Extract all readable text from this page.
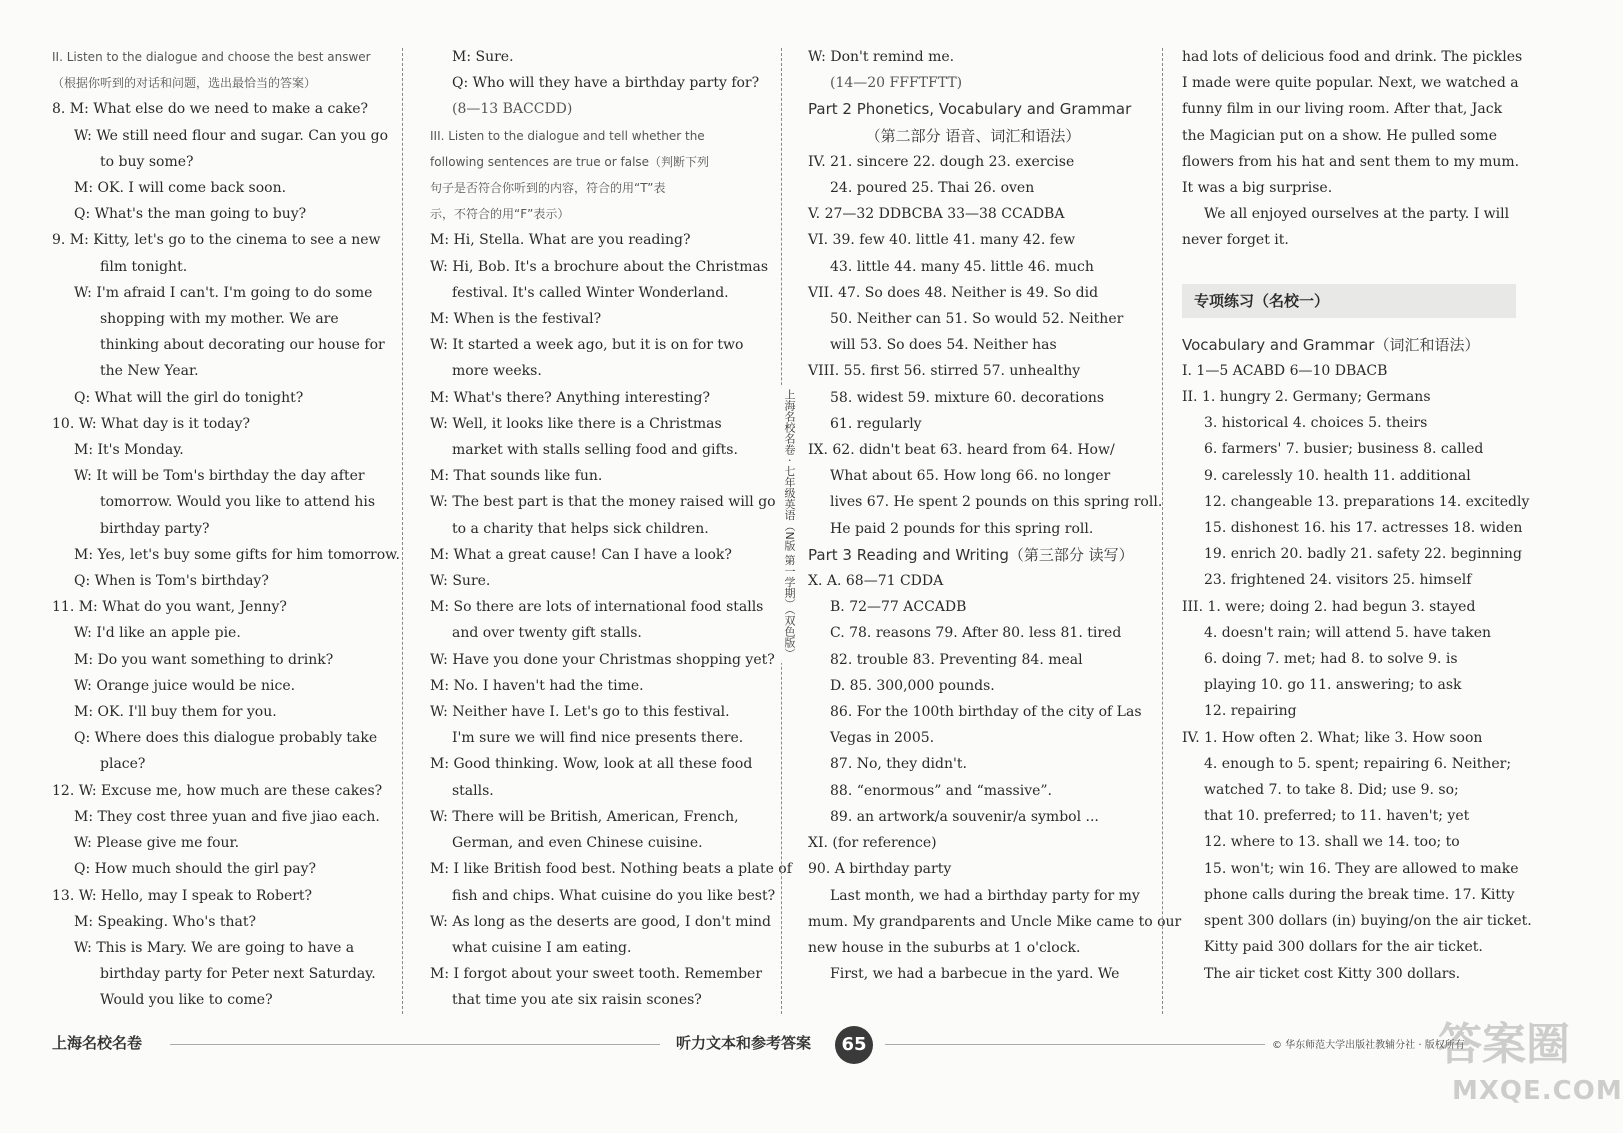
II. Listen to the dialogue and choose the best answer
（根据你听到的对话和问题，选出最恰当的答案）
8. M: What else do we need to make a cake?
W: We still need flour and sugar. Can you go
to buy some?
M: OK. I will come back soon.
Q: What's the man going to buy?
9. M: Kitty, let's go to the cinema to see a new
film tonight.
W: I'm afraid I can't. I'm going to do some
shopping with my mother. We are
thinking about decorating our house for
the New Year.
Q: What will the girl do tonight?
10. W: What day is it today?
M: It's Monday.
W: It will be Tom's birthday the day after
tomorrow. Would you like to attend his
birthday party?
M: Yes, let's buy some gifts for him tomorrow.
Q: When is Tom's birthday?
11. M: What do you want, Jenny?
W: I'd like an apple pie.
M: Do you want something to drink?
W: Orange juice would be nice.
M: OK. I'll buy them for you.
Q: Where does this dialogue probably take
place?
12. W: Excuse me, how much are these cakes?
M: They cost three yuan and five jiao each.
W: Please give me four.
Q: How much should the girl pay?
13. W: Hello, may I speak to Robert?
M: Speaking. Who's that?
W: This is Mary. We are going to have a
birthday party for Peter next Saturday.
Would you like to come?
M: Sure.
Q: Who will they have a birthday party for?
(8—13 BACCDD)
III. Listen to the dialogue and tell whether the
following sentences are true or false（判断下列
句子是否符合你听到的内容，符合的用“T”表
示，不符合的用“F”表示）
M: Hi, Stella. What are you reading?
W: Hi, Bob. It's a brochure about the Christmas
festival. It's called Winter Wonderland.
M: When is the festival?
W: It started a week ago, but it is on for two
more weeks.
M: What's there? Anything interesting?
W: Well, it looks like there is a Christmas
market with stalls selling food and gifts.
M: That sounds like fun.
W: The best part is that the money raised will go
to a charity that helps sick children.
M: What a great cause! Can I have a look?
W: Sure.
M: So there are lots of international food stalls
and over twenty gift stalls.
W: Have you done your Christmas shopping yet?
M: No. I haven't had the time.
W: Neither have I. Let's go to this festival.
I'm sure we will find nice presents there.
M: Good thinking. Wow, look at all these food
stalls.
W: There will be British, American, French,
German, and even Chinese cuisine.
M: I like British food best. Nothing beats a plate of
fish and chips. What cuisine do you like best?
W: As long as the deserts are good, I don't mind
what cuisine I am eating.
M: I forgot about your sweet tooth. Remember
that time you ate six raisin scones?
W: Don't remind me.
(14—20 FFFTFTT)
Part 2 Phonetics, Vocabulary and Grammar
（第二部分 语音、词汇和语法）
IV. 21. sincere 22. dough 23. exercise
24. poured 25. Thai 26. oven
V. 27—32 DDBCBA 33—38 CCADBA
VI. 39. few 40. little 41. many 42. few
43. little 44. many 45. little 46. much
VII. 47. So does 48. Neither is 49. So did
50. Neither can 51. So would 52. Neither
will 53. So does 54. Neither has
VIII. 55. first 56. stirred 57. unhealthy
58. widest 59. mixture 60. decorations
61. regularly
IX. 62. didn't beat 63. heard from 64. How/
What about 65. How long 66. no longer
lives 67. He spent 2 pounds on this spring roll.
He paid 2 pounds for this spring roll.
Part 3 Reading and Writing（第三部分 读写）
X. A. 68—71 CDDA
B. 72—77 ACCADB
C. 78. reasons 79. After 80. less 81. tired
82. trouble 83. Preventing 84. meal
D. 85. 300,000 pounds.
86. For the 100th birthday of the city of Las
Vegas in 2005.
87. No, they didn't.
88. “enormous” and “massive”.
89. an artwork/a souvenir/a symbol ...
XI. (for reference)
90. A birthday party
Last month, we had a birthday party for my
mum. My grandparents and Uncle Mike came to our
new house in the suburbs at 1 o'clock.
First, we had a barbecue in the yard. We
had lots of delicious food and drink. The pickles
I made were quite popular. Next, we watched a
funny film in our living room. After that, Jack
the Magician put on a show. He pulled some
flowers from his hat and sent them to my mum.
It was a big surprise.
We all enjoyed ourselves at the party. I will
never forget it.
专项练习（名校一）
Vocabulary and Grammar（词汇和语法）
I. 1—5 ACABD 6—10 DBACB
II. 1. hungry 2. Germany; Germans
3. historical 4. choices 5. theirs
6. farmers' 7. busier; business 8. called
9. carelessly 10. health 11. additional
12. changeable 13. preparations 14. excitedly
15. dishonest 16. his 17. actresses 18. widen
19. enrich 20. badly 21. safety 22. beginning
23. frightened 24. visitors 25. himself
III. 1. were; doing 2. had begun 3. stayed
4. doesn't rain; will attend 5. have taken
6. doing 7. met; had 8. to solve 9. is
playing 10. go 11. answering; to ask
12. repairing
IV. 1. How often 2. What; like 3. How soon
4. enough to 5. spent; repairing 6. Neither;
watched 7. to take 8. Did; use 9. so;
that 10. preferred; to 11. haven't; yet
12. where to 13. shall we 14. too; to
15. won't; win 16. They are allowed to make
phone calls during the break time. 17. Kitty
spent 300 dollars (in) buying/on the air ticket.
Kitty paid 300 dollars for the air ticket.
The air ticket cost Kitty 300 dollars.
上海名校名卷 · 七年级英语（N版 第一学期）（双色版）
上海名校名卷	听力文本和参考答案	65	© 华东师范大学出版社教辅分社 · 版权所有
答案圈
MXQE.COM
